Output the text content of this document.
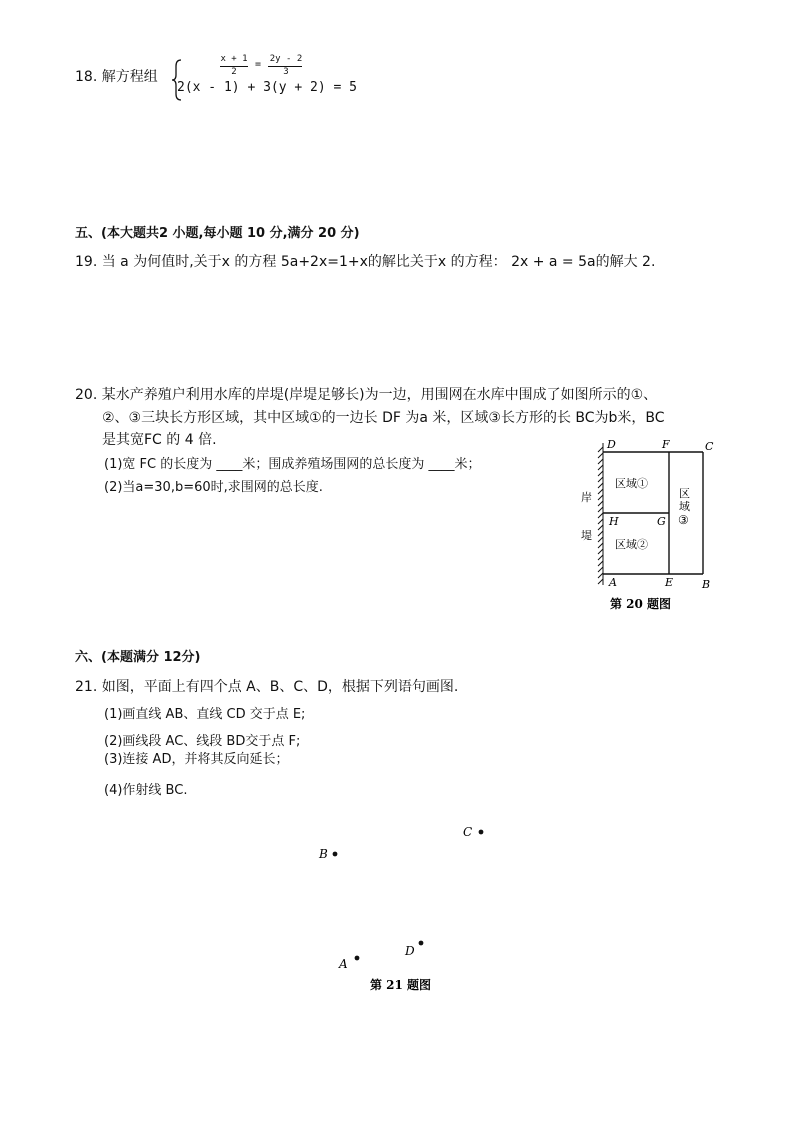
18. 解方程组
x + 1
2
= 2y - 2
3
2(x - 1) + 3(y + 2) = 5
五、(本大题共2 小题,每小题 10 分,满分 20 分)
19. 当 a 为何值时,关于x 的方程 5a+2x=1+x的解比关于x 的方程： 2x + a = 5a的解大 2.
20. 某水产养殖户利用水库的岸堤(岸堤足够长)为一边，用围网在水库中围成了如图所示的①、
②、③三块长方形区域，其中区域①的一边长 DF 为a 米，区域③长方形的长 BC为b米，BC
是其宽FC 的 4 倍.
(1)宽 FC 的长度为 ____米；围成养殖场围网的总长度为 ____米；
(2)当a=30,b=60时,求围网的总长度.
D	F	C
H	G
A	E	B
区域①
区域②
区
域
③
岸
堤
第 20 题图
六、(本题满分 12分)
21. 如图，平面上有四个点 A、B、C、D，根据下列语句画图.
(1)画直线 AB、直线 CD 交于点 E;
(2)画线段 AC、线段 BD交于点 F;
(3)连接 AD，并将其反向延长；
(4)作射线 BC.
C
B
D
A
第 21 题图
